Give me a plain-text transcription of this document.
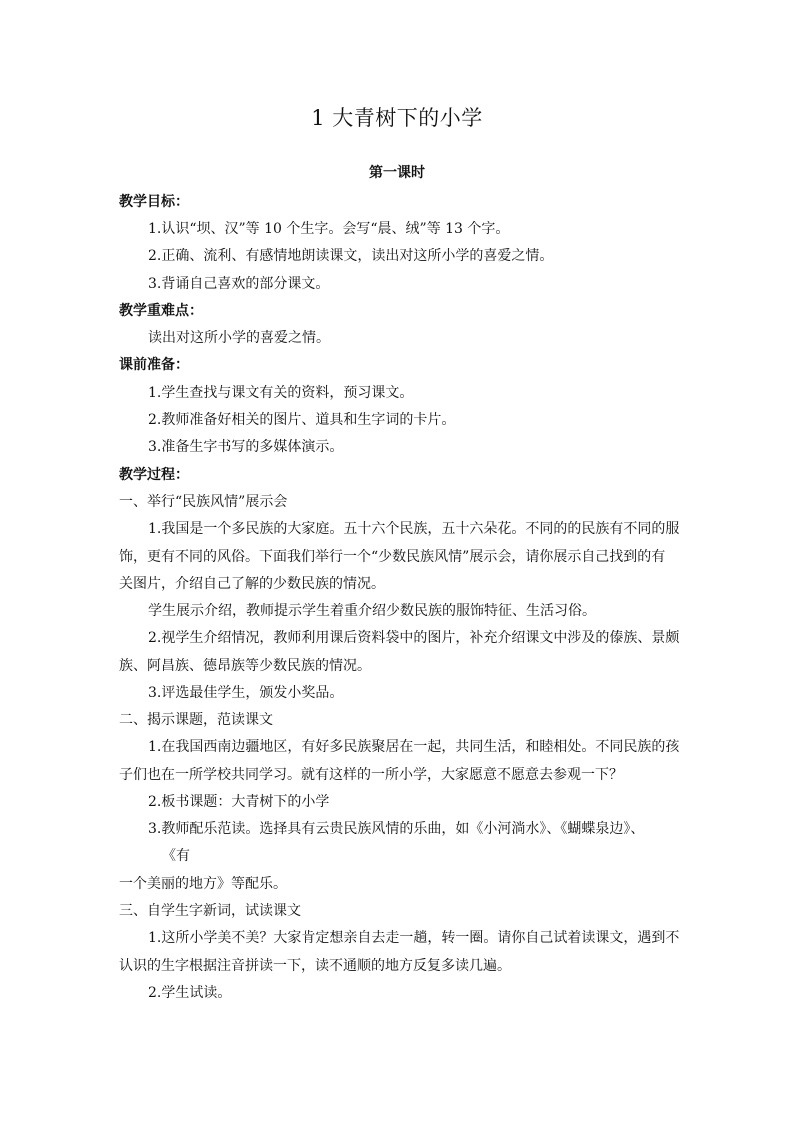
1 大青树下的小学
第一课时
教学目标：
1.认识“坝、汉”等 10 个生字。会写“晨、绒”等 13 个字。
2.正确、流利、有感情地朗读课文，读出对这所小学的喜爱之情。
3.背诵自己喜欢的部分课文。
教学重难点：
读出对这所小学的喜爱之情。
课前准备：
1.学生查找与课文有关的资料，预习课文。
2.教师准备好相关的图片、道具和生字词的卡片。
3.准备生字书写的多媒体演示。
教学过程：
一、举行“民族风情”展示会
1.我国是一个多民族的大家庭。五十六个民族，五十六朵花。不同的的民族有不同的服
饰，更有不同的风俗。下面我们举行一个“少数民族风情”展示会，请你展示自己找到的有
关图片，介绍自己了解的少数民族的情况。
学生展示介绍，教师提示学生着重介绍少数民族的服饰特征、生活习俗。
2.视学生介绍情况，教师利用课后资料袋中的图片，补充介绍课文中涉及的傣族、景颇
族、阿昌族、德昂族等少数民族的情况。
3.评选最佳学生，颁发小奖品。
二、揭示课题，范读课文
1.在我国西南边疆地区，有好多民族聚居在一起，共同生活，和睦相处。不同民族的孩
子们也在一所学校共同学习。就有这样的一所小学，大家愿意不愿意去参观一下？
2.板书课题：大青树下的小学
3.教师配乐范读。选择具有云贵民族风情的乐曲，如《小河淌水》、《蝴蝶泉边》、
《有
一个美丽的地方》等配乐。
三、自学生字新词，试读课文
1.这所小学美不美？大家肯定想亲自去走一趟，转一圈。请你自己试着读课文，遇到不
认识的生字根据注音拼读一下，读不通顺的地方反复多读几遍。
2.学生试读。
